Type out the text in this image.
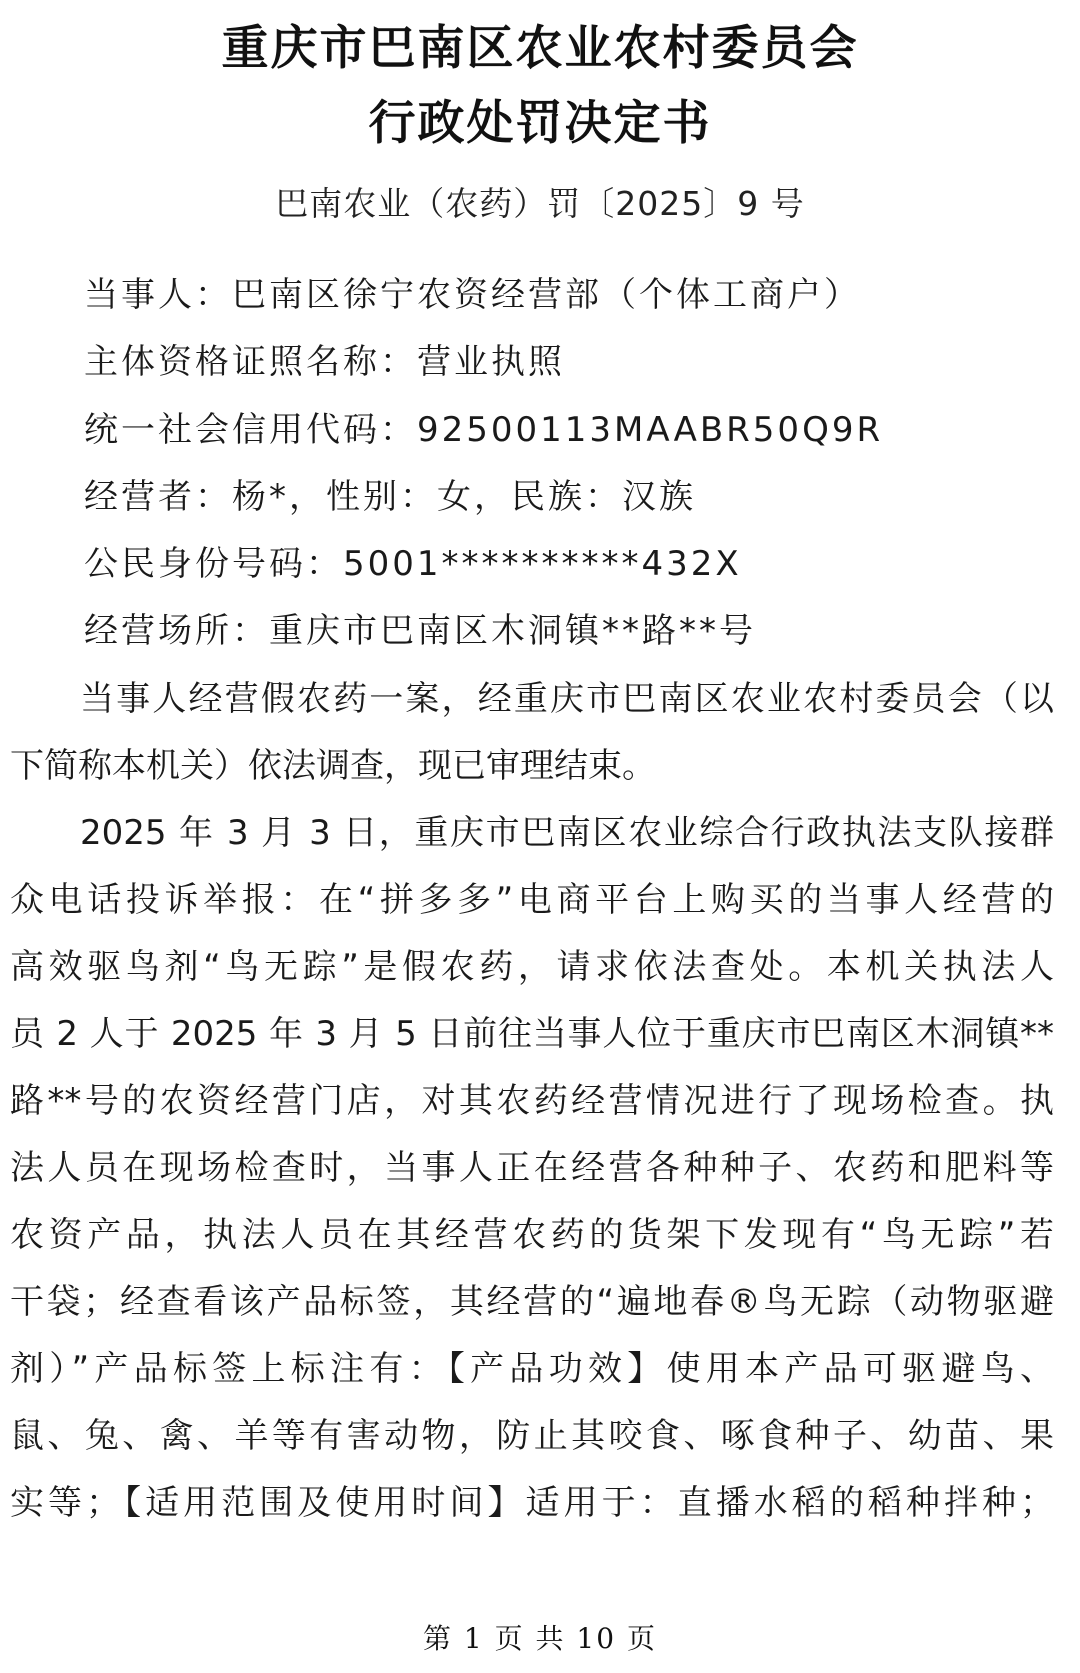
重庆市巴南区农业农村委员会
行政处罚决定书
巴南农业（农药）罚〔2025〕9 号
当事人：巴南区徐宁农资经营部（个体工商户）
主体资格证照名称：营业执照
统一社会信用代码：92500113MAABR50Q9R
经营者：杨*，性别：女，民族：汉族
公民身份号码：5001**********432X
经营场所：重庆市巴南区木洞镇**路**号
当事人经营假农药一案，经重庆市巴南区农业农村委员会（以
下简称本机关）依法调查，现已审理结束。
2025 年 3 月 3 日，重庆市巴南区农业综合行政执法支队接群
众电话投诉举报：在“拼多多”电商平台上购买的当事人经营的
高效驱鸟剂“鸟无踪”是假农药，请求依法查处。本机关执法人
员 2 人于 2025 年 3 月 5 日前往当事人位于重庆市巴南区木洞镇**
路**号的农资经营门店，对其农药经营情况进行了现场检查。执
法人员在现场检查时，当事人正在经营各种种子、农药和肥料等
农资产品，执法人员在其经营农药的货架下发现有“鸟无踪”若
干袋；经查看该产品标签，其经营的“遍地春®鸟无踪（动物驱避
剂）”产品标签上标注有：【产品功效】使用本产品可驱避鸟、
鼠、兔、禽、羊等有害动物，防止其咬食、啄食种子、幼苗、果
实等；【适用范围及使用时间】适用于：直播水稻的稻种拌种；
第 1 页 共 10 页
